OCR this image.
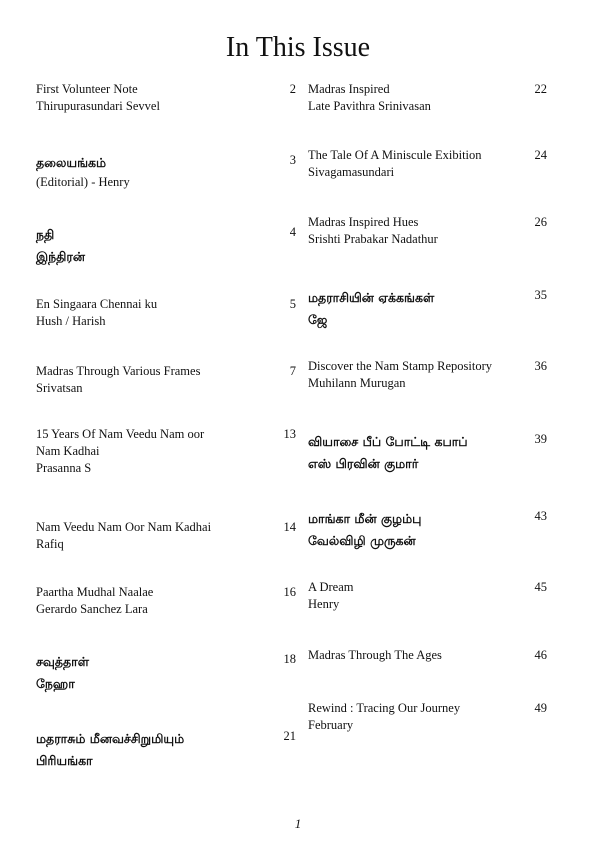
In This Issue
First Volunteer Note
Thirupurasundari Sevvel
2
தலையங்கம்
(Editorial) - Henry
3
நதி
இந்திரன்
4
En Singaara Chennai ku
Hush / Harish
5
Madras Through Various Frames
Srivatsan
7
15 Years Of Nam Veedu Nam oor
Nam Kadhai
Prasanna S
13
Nam Veedu Nam Oor Nam Kadhai
Rafiq
14
Paartha Mudhal Naalae
Gerardo Sanchez Lara
16
சவுத்தாள்
நேஹா
18
மதராசும் மீனவச்சிறுமியும்
பிரியங்கா
21
Madras Inspired
Late Pavithra Srinivasan
22
The Tale Of A Miniscule Exibition
Sivagamasundari
24
Madras Inspired Hues
Srishti Prabakar Nadathur
26
மதராசியின் ஏக்கங்கள்
ஜே
35
Discover the Nam Stamp Repository
Muhilann Murugan
36
வியாசை பீப் போட்டி கபாப்
எஸ் பிரவின் குமார்
39
மாங்கா மீன் குழம்பு
வேல்விழி முருகன்
43
A Dream
Henry
45
Madras Through The Ages	46
Rewind : Tracing Our Journey
February
49
1
